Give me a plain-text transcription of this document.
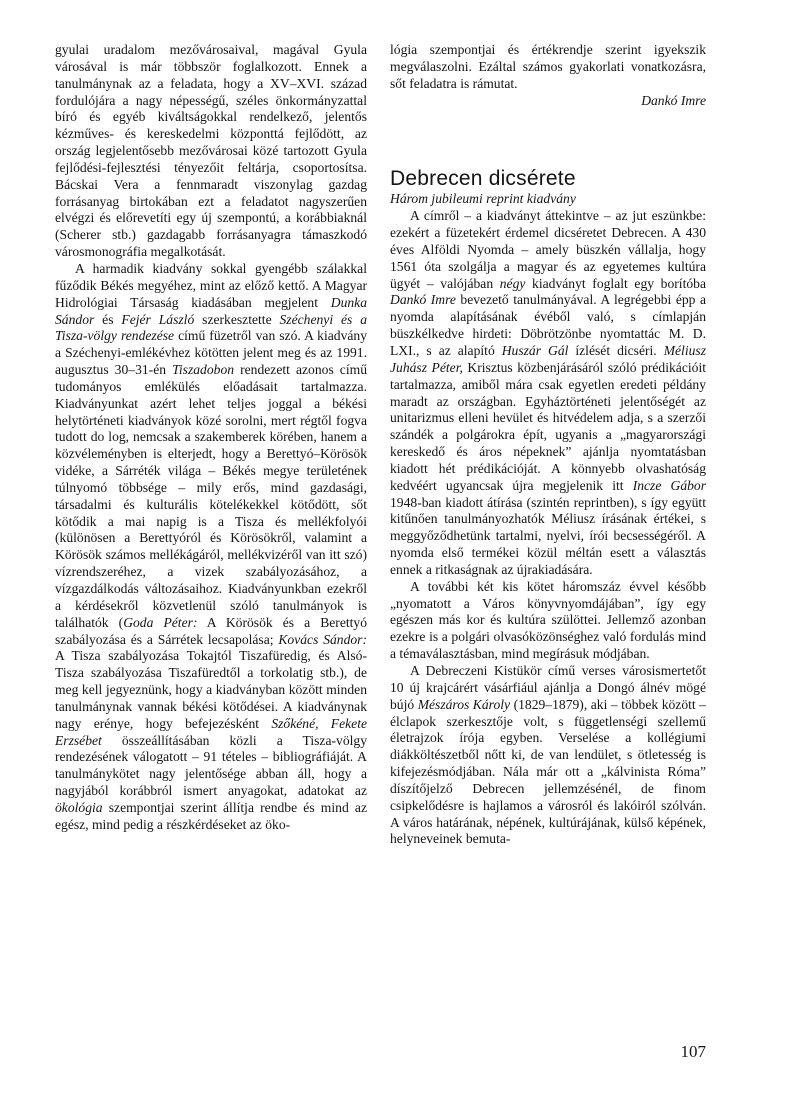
gyulai uradalom mezővárosaival, magával Gyula városával is már többször foglalkozott. Ennek a tanulmánynak az a feladata, hogy a XV–XVI. század fordulójára a nagy népességű, széles önkormányzattal bíró és egyéb kiváltságokkal rendelkező, jelentős kézműves- és kereskedelmi központtá fejlődött, az ország legjelentősebb mezővárosai közé tartozott Gyula fejlődési-fejlesztési tényezőit feltárja, csoportosítsa. Bácskai Vera a fennmaradt viszonylag gazdag forrásanyag birtokában ezt a feladatot nagyszerűen elvégzi és előrevetíti egy új szempontú, a korábbiaknál (Scherer stb.) gazdagabb forrásanyagra támaszkodó városmonográfia megalkotását.

A harmadik kiadvány sokkal gyengébb szálakkal fűződik Békés megyéhez, mint az előző kettő. A Magyar Hidrológiai Társaság kiadásában megjelent Dunka Sándor és Fejér László szerkesztette Széchenyi és a Tisza-völgy rendezése című füzetről van szó. A kiadvány a Széchenyi-emlékévhez kötötten jelent meg és az 1991. augusztus 30–31-én Tiszadobon rendezett azonos című tudományos emlékülés előadásait tartalmazza. Kiadványunkat azért lehet teljes joggal a békési helytörténeti kiadványok közé sorolni, mert régtől fogva tudott do log, nemcsak a szakemberek körében, hanem a közvéleményben is elterjedt, hogy a Berettyó–Körösök vidéke, a Sárréték világa – Békés megye területének túlnyomó többsége – mily erős, mind gazdasági, társadalmi és kulturális kötelékekkel kötődött, sőt kötődik a mai napig is a Tisza és mellékfolyói (különösen a Berettyóról és Körösökről, valamint a Körösök számos mellékágáról, mellékvizéről van itt szó) vízrendszeréhez, a vizek szabályozásához, a vízgazdálkodás változásaihoz. Kiadványunkban ezekről a kérdésekről közvetlenül szóló tanulmányok is találhatók (Goda Péter: A Körösök és a Berettyó szabályozása és a Sárrétek lecsapolása; Kovács Sándor: A Tisza szabályozása Tokajtól Tiszafüredig, és Alsó-Tisza szabályozása Tiszafüredtől a torkolatig stb.), de meg kell jegyeznünk, hogy a kiadványban között minden tanulmánynak vannak békési kötődései. A kiadványnak nagy erénye, hogy befejezésként Szőkéné, Fekete Erzsébet összeállításában közli a Tisza-völgy rendezésének válogatott – 91 tételes – bibliográfiáját. A tanulmánykötet nagy jelentősége abban áll, hogy a nagyjából korábbról ismert anyagokat, adatokat az ökológia szempontjai szerint állítja rendbe és mind az egész, mind pedig a részkérdéseket az öko-

lógia szempontjai és értékrendje szerint igyekszik megválaszolni. Ezáltal számos gyakorlati vonatkozásra, sőt feladatra is rámutat.

Dankó Imre

Debrecen dicsérete

Három jubileumi reprint kiadvány

A címről – a kiadványt áttekintve – az jut eszünkbe: ezekért a füzetekért érdemel dicséretet Debrecen. A 430 éves Alföldi Nyomda – amely büszkén vállalja, hogy 1561 óta szolgálja a magyar és az egyetemes kultúra ügyét – valójában négy kiadványt foglalt egy borítóba Dankó Imre bevezető tanulmányával. A legrégebbi épp a nyomda alapításának évéből való, s címlapján büszkélkedve hirdeti: Döbrötzönbe nyomtattác M. D. LXI., s az alapító Huszár Gál ízlését dicséri. Méliusz Juhász Péter, Krisztus közbenjárásáról szóló prédikációit tartalmazza, amiből mára csak egyetlen eredeti példány maradt az országban. Egyháztörténeti jelentőségét az unitarizmus elleni hevület és hitvédelem adja, s a szerzői szándék a polgárokra épít, ugyanis a „magyarországi kereskedő és áros népeknek” ajánlja nyomtatásban kiadott hét prédikációját. A könnyebb olvashatóság kedvéért ugyancsak újra megjelenik itt Incze Gábor 1948-ban kiadott átírása (szintén reprintben), s így együtt kitűnően tanulmányozhatók Méliusz írásának értékei, s meggyőződhetünk tartalmi, nyelvi, írói becsességéről. A nyomda első termékei közül méltán esett a választás ennek a ritkaságnak az újrakiadására.

A további két kis kötet háromszáz évvel később „nyomatott a Város könyvnyomdájában”, így egy egészen más kor és kultúra szülöttei. Jellemző azonban ezekre is a polgári olvasóközönséghez való fordulás mind a témaválasztásban, mind megírásuk módjában.

A Debreczeni Kistükör című verses városismertetőt 10 új krajcárért vásárfiául ajánlja a Dongó álnév mögé bújó Mészáros Károly (1829–1879), aki – többek között – élclapok szerkesztője volt, s függetlenségi szellemű életrajzok írója egyben. Verselése a kollégiumi diákköltészetből nőtt ki, de van lendület, s ötletesség is kifejezésmódjában. Nála már ott a „kálvinista Róma” díszítőjelző Debrecen jellemzésénél, de finom csipkelődésre is hajlamos a városról és lakóiról szólván. A város határának, népének, kultúrájának, külső képének, helyneveinek bemuta-

107
